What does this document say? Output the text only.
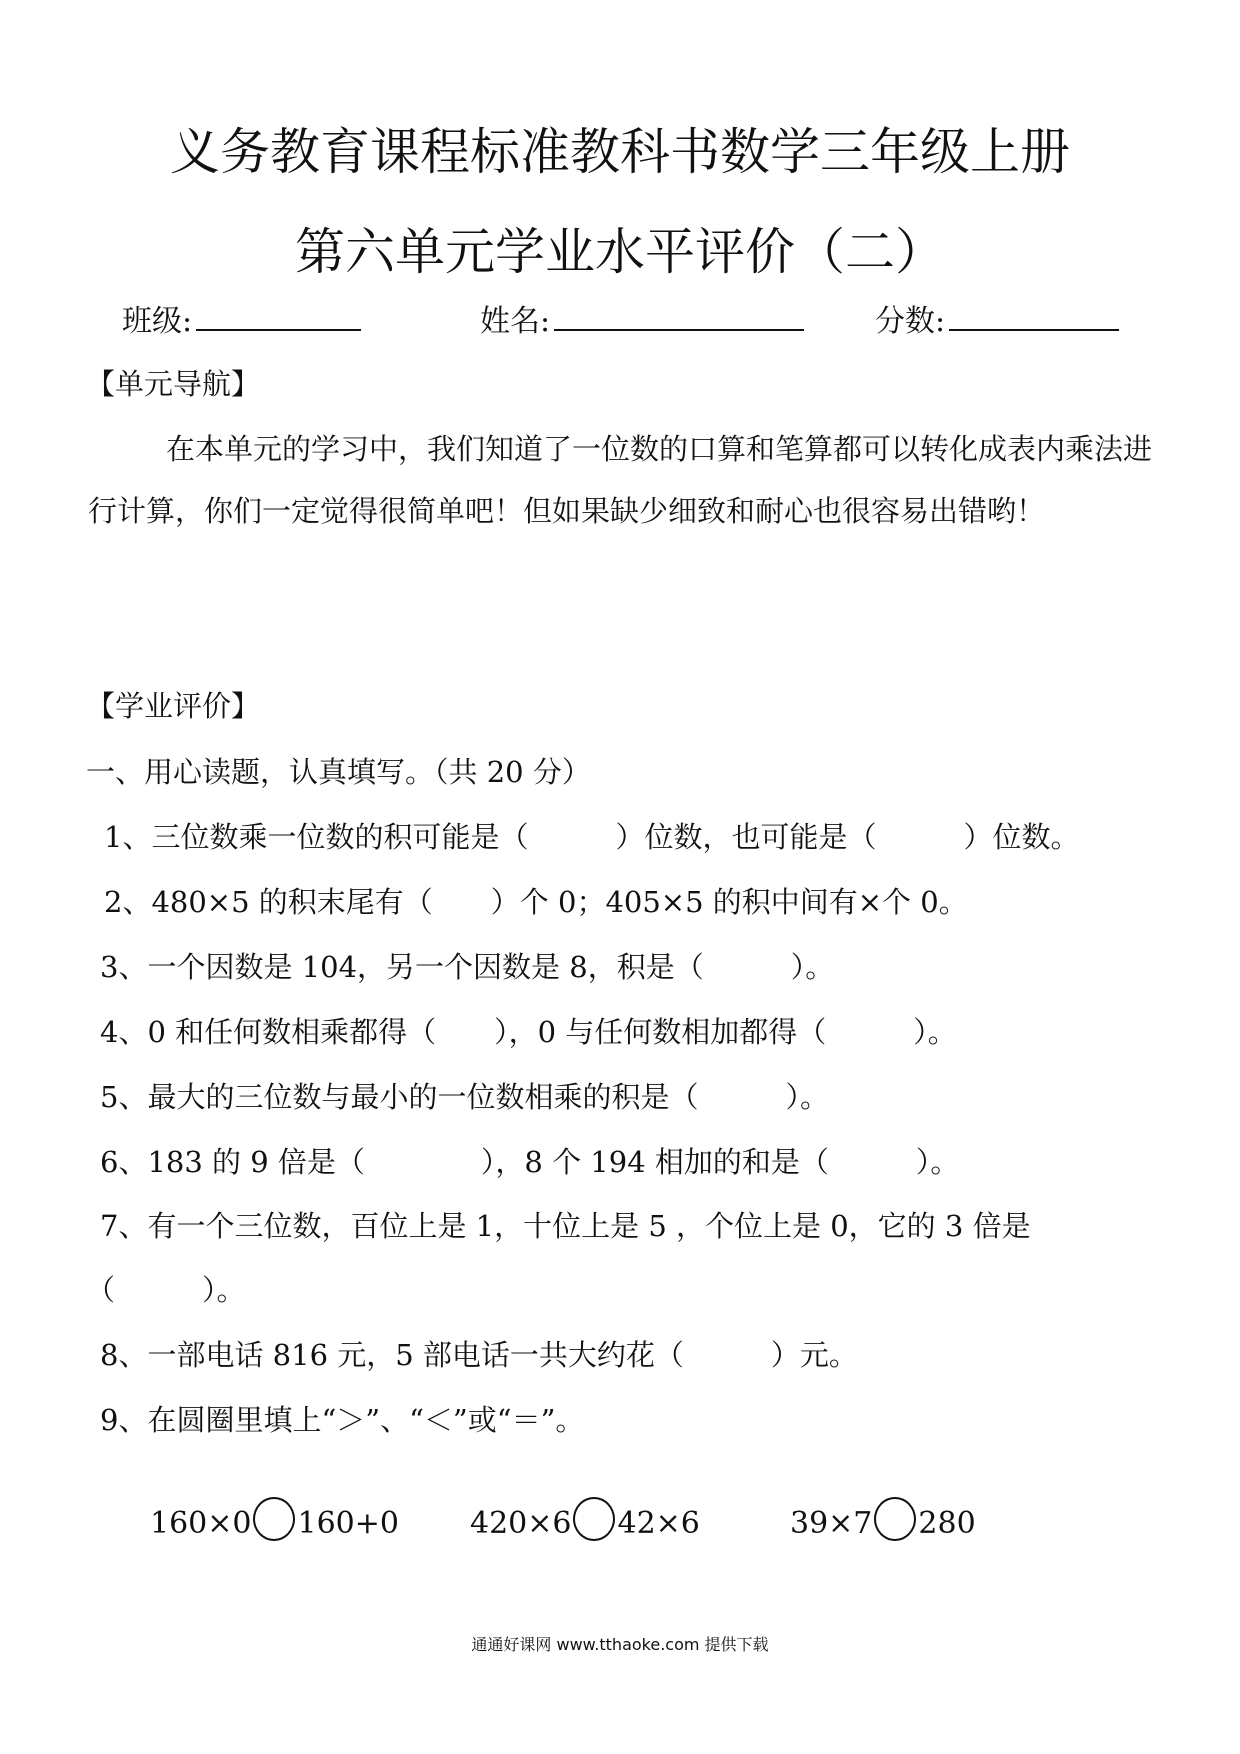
义务教育课程标准教科书数学三年级上册
第六单元学业水平评价（二）
班级:	姓名:	分数:
【单元导航】
在本单元的学习中，我们知道了一位数的口算和笔算都可以转化成表内乘法进行计算，你们一定觉得很简单吧！但如果缺少细致和耐心也很容易出错哟！
【学业评价】
一、用心读题，认真填写。（共 20 分）
1、三位数乘一位数的积可能是（　　　）位数，也可能是（　　　）位数。
2、480×5 的积末尾有（　　）个 0；405×5 的积中间有×个 0。
3、一个因数是 104，另一个因数是 8，积是（　　　）。
4、0 和任何数相乘都得（　　），0 与任何数相加都得（　　　）。
5、最大的三位数与最小的一位数相乘的积是（　　　）。
6、183 的 9 倍是（　　　　），8 个 194 相加的和是（　　　）。
7、有一个三位数，百位上是 1，十位上是 5 ，个位上是 0，它的 3 倍是
（　　　）。
8、一部电话 816 元，5 部电话一共大约花（　　　）元。
9、在圆圈里填上“＞”、“＜”或“＝”。
160×0 160+0 420×6 42×6	39×7 280
通通好课网 www.tthaoke.com 提供下载
